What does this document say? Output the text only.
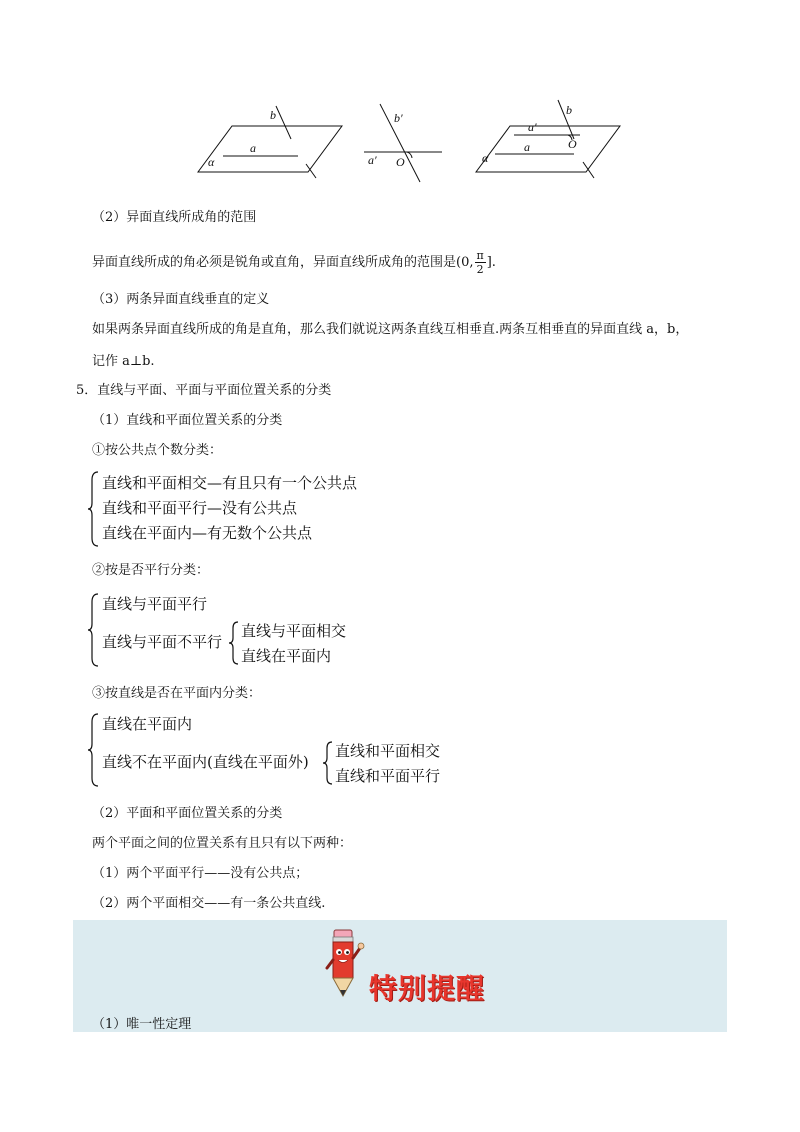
b
a
α
b′
a′ O
b
a′
a	O
α
（2）异面直线所成角的范围
异面直线所成的角必须是锐角或直角，异面直线所成角的范围是(0, $\frac{\pi}{2}$ ].
（3）两条异面直线垂直的定义
如果两条异面直线所成的角是直角，那么我们就说这两条直线互相垂直.两条互相垂直的异面直线 a，b，
记作 a⊥b.
5．直线与平面、平面与平面位置关系的分类
（1）直线和平面位置关系的分类
①按公共点个数分类：
直线和平面相交—有且只有一个公共点
直线和平面平行—没有公共点
直线在平面内—有无数个公共点
②按是否平行分类：
直线与平面平行
直线与平面不平行
直线与平面相交
直线在平面内
③按直线是否在平面内分类：
直线在平面内
直线不在平面内(直线在平面外)
直线和平面相交
直线和平面平行
（2）平面和平面位置关系的分类
两个平面之间的位置关系有且只有以下两种：
（1）两个平面平行——没有公共点；
（2）两个平面相交——有一条公共直线.
特别提醒
（1）唯一性定理
